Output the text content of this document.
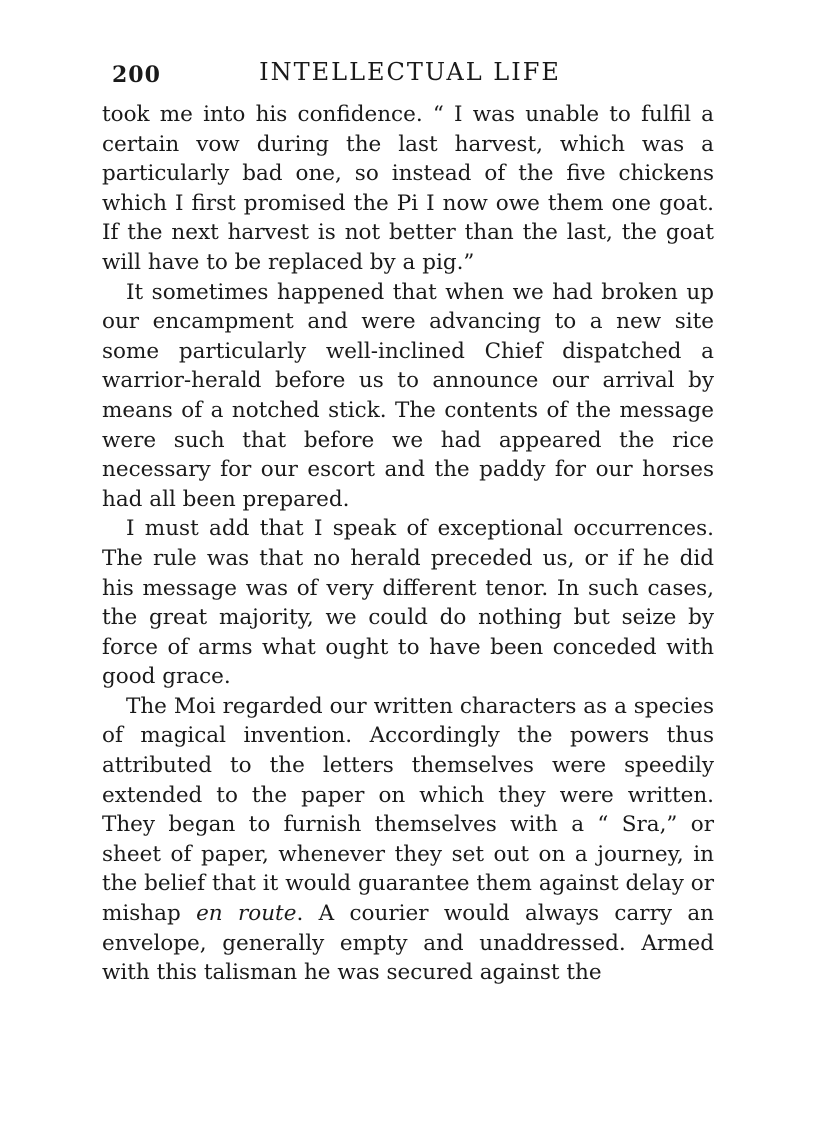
200	INTELLECTUAL LIFE

took me into his confidence. “ I was unable to fulfil a certain vow during the last harvest, which was a particularly bad one, so instead of the five chickens which I first promised the Pi I now owe them one goat. If the next harvest is not better than the last, the goat will have to be replaced by a pig.”

It sometimes happened that when we had broken up our encampment and were advancing to a new site some particularly well-inclined Chief dispatched a warrior-herald before us to announce our arrival by means of a notched stick. The contents of the message were such that before we had appeared the rice necessary for our escort and the paddy for our horses had all been prepared.

I must add that I speak of exceptional occurrences. The rule was that no herald preceded us, or if he did his message was of very different tenor. In such cases, the great majority, we could do nothing but seize by force of arms what ought to have been conceded with good grace.

The Moi regarded our written characters as a species of magical invention. Accordingly the powers thus attributed to the letters themselves were speedily extended to the paper on which they were written. They began to furnish themselves with a “ Sra,” or sheet of paper, whenever they set out on a journey, in the belief that it would guarantee them against delay or mishap en route. A courier would always carry an envelope, generally empty and unaddressed. Armed with this talisman he was secured against the
